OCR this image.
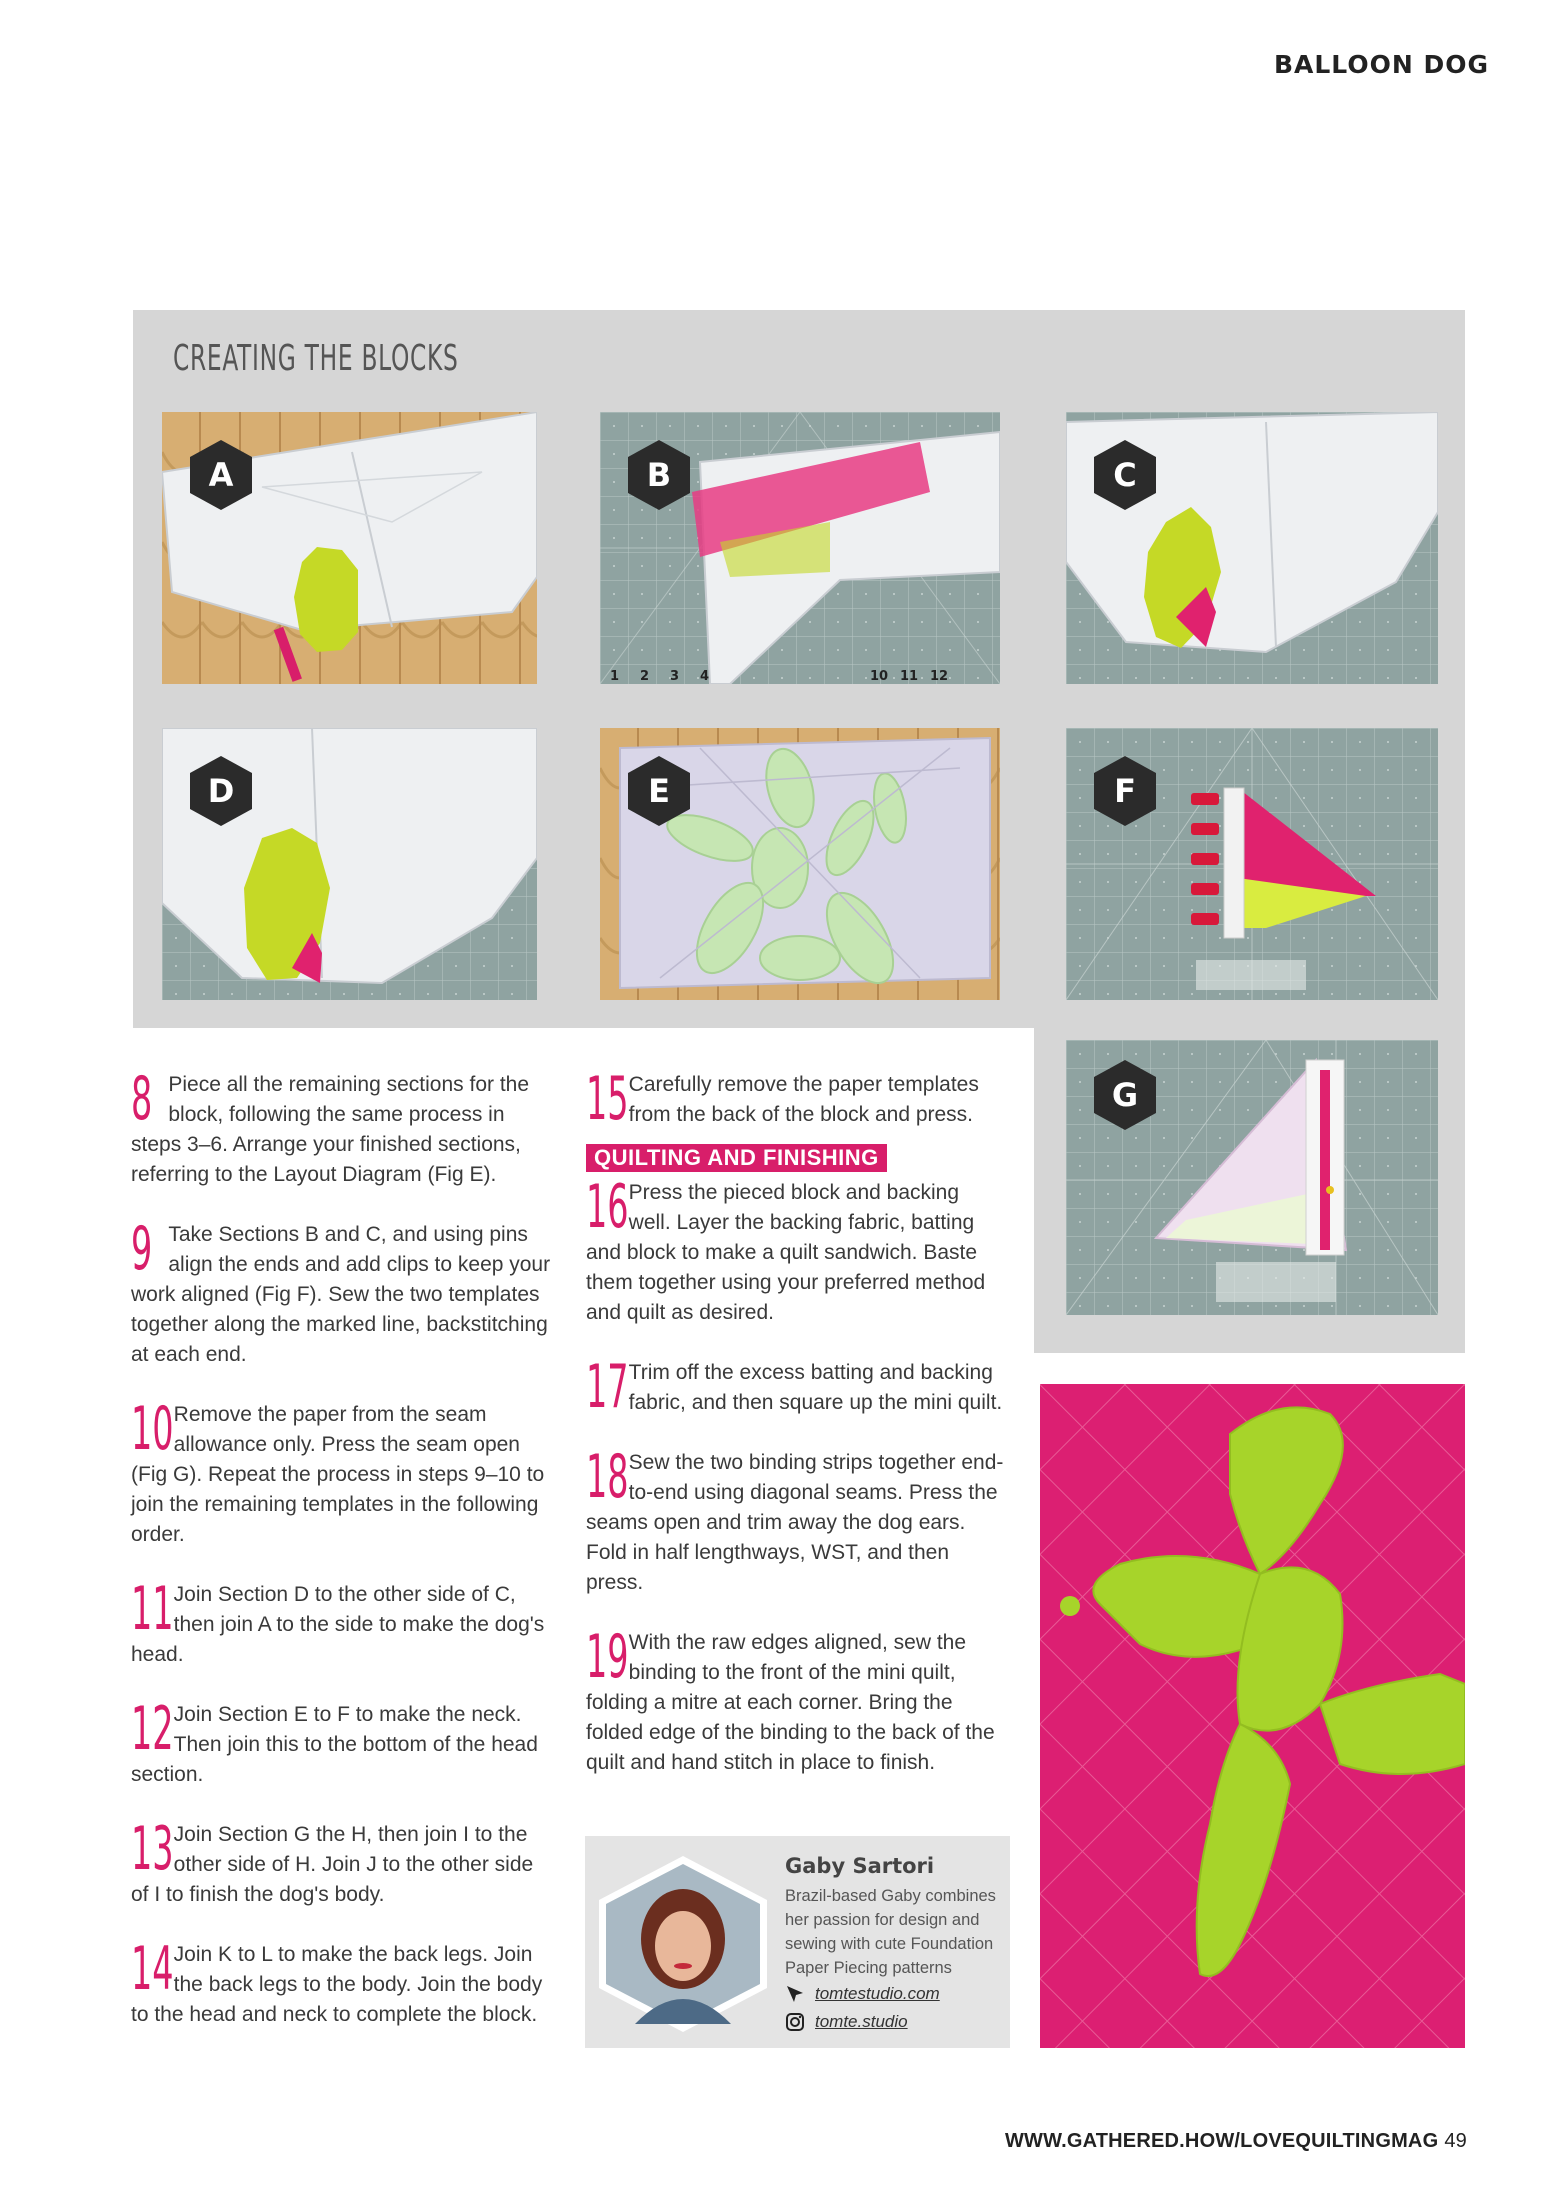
BALLOON DOG
CREATING THE BLOCKS
A
1 2 3 4	10 11 12
B	C
D	E	F
G
8 Piece all the remaining sections for the block, following the same process in steps 3–6. Arrange your finished sections, referring to the Layout Diagram (Fig E).
9 Take Sections B and C, and using pins align the ends and add clips to keep your work aligned (Fig F). Sew the two templates together along the marked line, backstitching at each end.
10 Remove the paper from the seam allowance only. Press the seam open (Fig G). Repeat the process in steps 9–10 to join the remaining templates in the following order.
11 Join Section D to the other side of C, then join A to the side to make the dog's head.
12 Join Section E to F to make the neck. Then join this to the bottom of the head section.
13 Join Section G the H, then join I to the other side of H. Join J to the other side of I to finish the dog's body.
14 Join K to L to make the back legs. Join the back legs to the body. Join the body to the head and neck to complete the block.
15 Carefully remove the paper templates from the back of the block and press.
QUILTING AND FINISHING
16 Press the pieced block and backing well. Layer the backing fabric, batting and block to make a quilt sandwich. Baste them together using your preferred method and quilt as desired.
17 Trim off the excess batting and backing fabric, and then square up the mini quilt.
18 Sew the two binding strips together end-to-end using diagonal seams. Press the seams open and trim away the dog ears. Fold in half lengthways, WST, and then press.
19 With the raw edges aligned, sew the binding to the front of the mini quilt, folding a mitre at each corner. Bring the folded edge of the binding to the back of the quilt and hand stitch in place to finish.
Gaby Sartori
Brazil-based Gaby combines her passion for design and sewing with cute Foundation Paper Piecing patterns
tomtestudio.com
tomte.studio
WWW.GATHERED.HOW/LOVEQUILTINGMAG 49
